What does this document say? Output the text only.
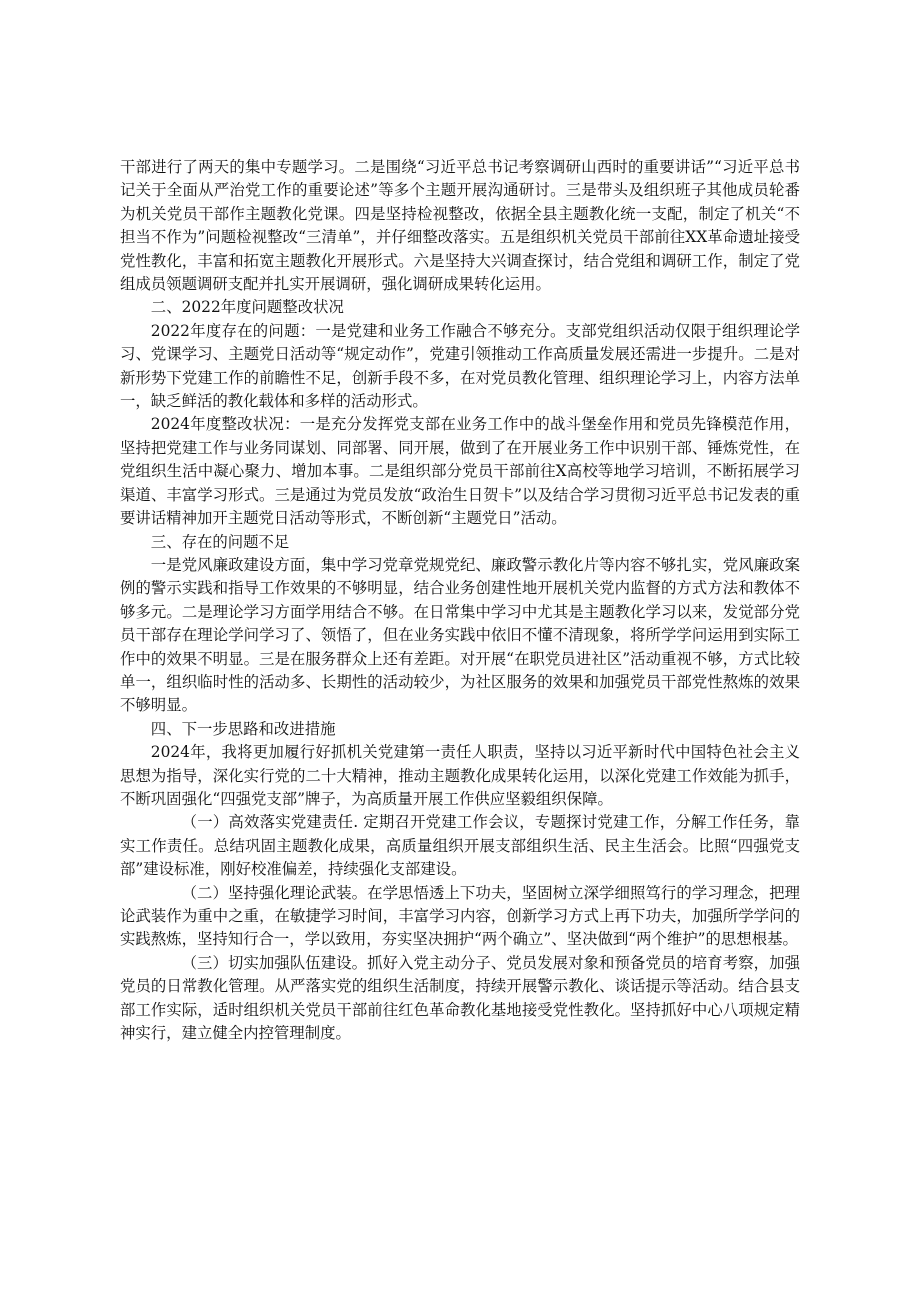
干部进行了两天的集中专题学习。二是围绕“习近平总书记考察调研山西时的重要讲话”“习近平总书记关于全面从严治党工作的重要论述”等多个主题开展沟通研讨。三是带头及组织班子其他成员轮番为机关党员干部作主题教化党课。四是坚持检视整改，依据全县主题教化统一支配，制定了机关“不担当不作为”问题检视整改“三清单”，并仔细整改落实。五是组织机关党员干部前往XX革命遗址接受党性教化，丰富和拓宽主题教化开展形式。六是坚持大兴调查探讨，结合党组和调研工作，制定了党组成员领题调研支配并扎实开展调研，强化调研成果转化运用。

二、2022年度问题整改状况

2022年度存在的问题：一是党建和业务工作融合不够充分。支部党组织活动仅限于组织理论学习、党课学习、主题党日活动等“规定动作”，党建引领推动工作高质量发展还需进一步提升。二是对新形势下党建工作的前瞻性不足，创新手段不多，在对党员教化管理、组织理论学习上，内容方法单一，缺乏鲜活的教化载体和多样的活动形式。

2024年度整改状况：一是充分发挥党支部在业务工作中的战斗堡垒作用和党员先锋模范作用，坚持把党建工作与业务同谋划、同部署、同开展，做到了在开展业务工作中识别干部、锤炼党性，在党组织生活中凝心聚力、增加本事。二是组织部分党员干部前往X高校等地学习培训，不断拓展学习渠道、丰富学习形式。三是通过为党员发放“政治生日贺卡”以及结合学习贯彻习近平总书记发表的重要讲话精神加开主题党日活动等形式，不断创新“主题党日”活动。

三、存在的问题不足

一是党风廉政建设方面，集中学习党章党规党纪、廉政警示教化片等内容不够扎实，党风廉政案例的警示实践和指导工作效果的不够明显，结合业务创建性地开展机关党内监督的方式方法和教体不够多元。二是理论学习方面学用结合不够。在日常集中学习中尤其是主题教化学习以来，发觉部分党员干部存在理论学问学习了、领悟了，但在业务实践中依旧不懂不清现象，将所学学问运用到实际工作中的效果不明显。三是在服务群众上还有差距。对开展“在职党员进社区”活动重视不够，方式比较单一，组织临时性的活动多、长期性的活动较少，为社区服务的效果和加强党员干部党性熬炼的效果不够明显。

四、下一步思路和改进措施

2024年，我将更加履行好抓机关党建第一责任人职责，坚持以习近平新时代中国特色社会主义思想为指导，深化实行党的二十大精神，推动主题教化成果转化运用，以深化党建工作效能为抓手，不断巩固强化“四强党支部”牌子，为高质量开展工作供应坚毅组织保障。

（一）高效落实党建责任. 定期召开党建工作会议，专题探讨党建工作，分解工作任务，靠实工作责任。总结巩固主题教化成果，高质量组织开展支部组织生活、民主生活会。比照“四强党支部”建设标准，刚好校准偏差，持续强化支部建设。

（二）坚持强化理论武装。在学思悟透上下功夫，坚固树立深学细照笃行的学习理念，把理论武装作为重中之重，在敏捷学习时间，丰富学习内容，创新学习方式上再下功夫，加强所学学问的实践熬炼，坚持知行合一，学以致用，夯实坚决拥护“两个确立”、坚决做到“两个维护”的思想根基。

（三）切实加强队伍建设。抓好入党主动分子、党员发展对象和预备党员的培育考察，加强党员的日常教化管理。从严落实党的组织生活制度，持续开展警示教化、谈话提示等活动。结合县支部工作实际，适时组织机关党员干部前往红色革命教化基地接受党性教化。坚持抓好中心八项规定精神实行，建立健全内控管理制度。
